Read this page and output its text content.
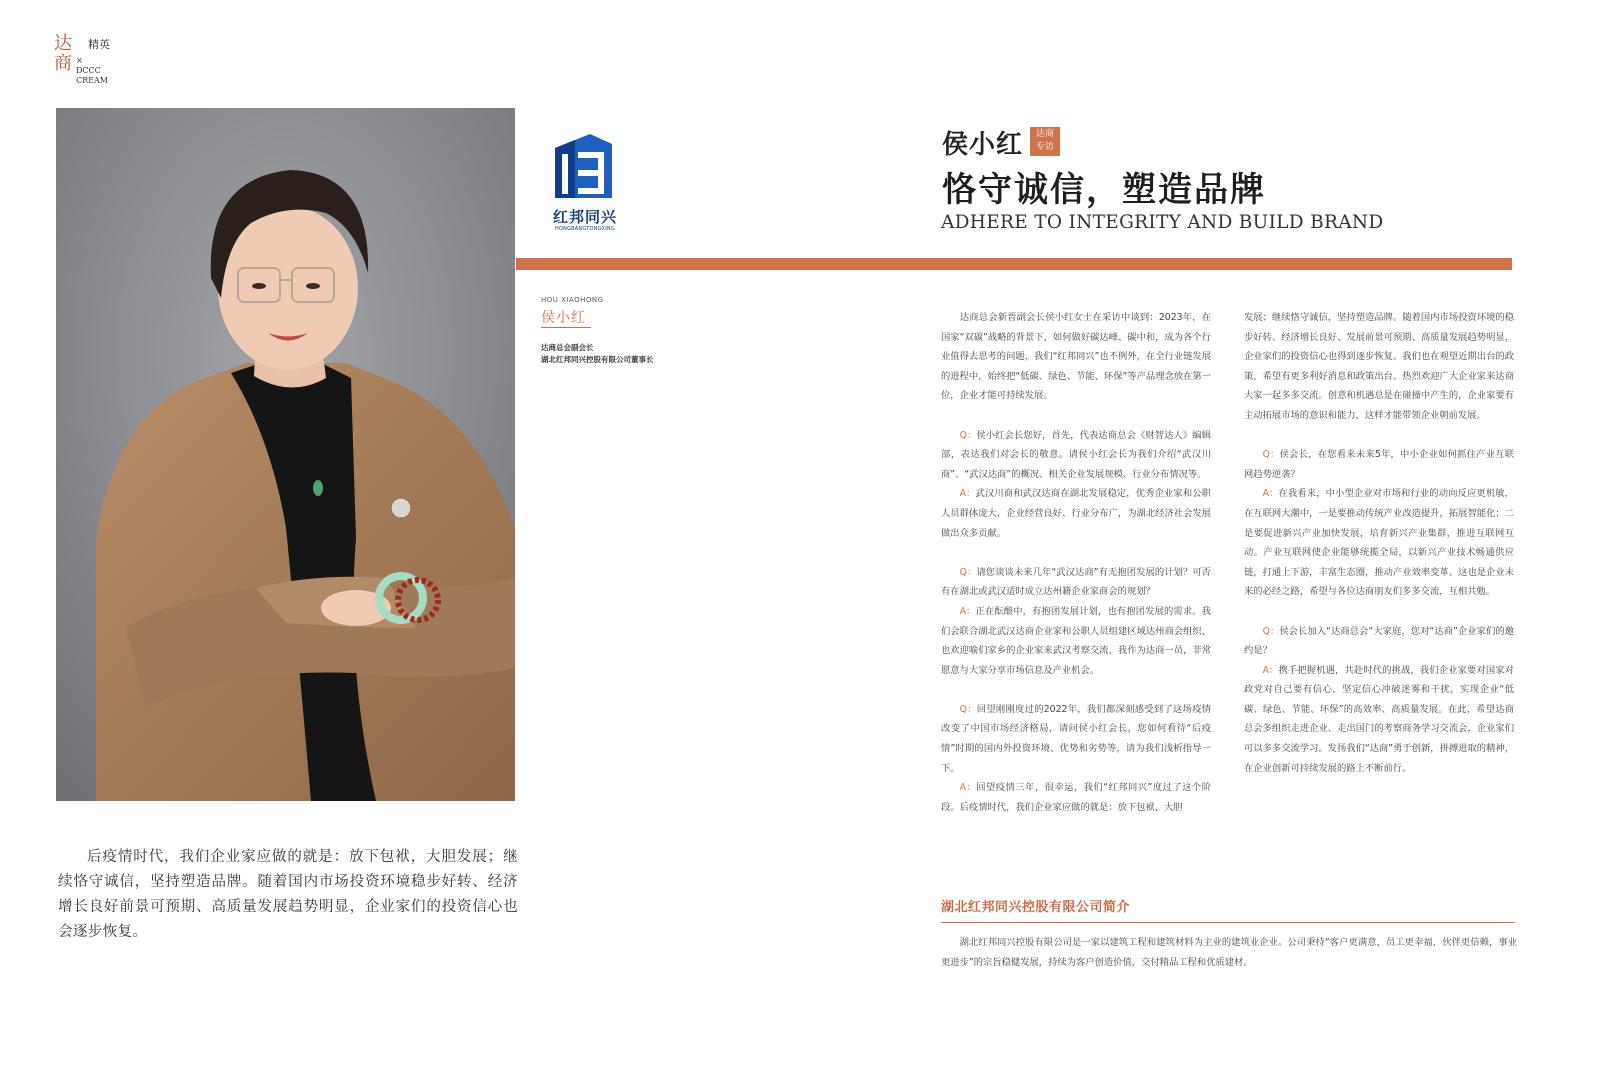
达商
精英
×
DCCC
CREAM
后疫情时代，我们企业家应做的就是：放下包袱，大胆发展；继续恪守诚信，坚持塑造品牌。随着国内市场投资环境稳步好转、经济增长良好前景可预期、高质量发展趋势明显，企业家们的投资信心也会逐步恢复。
红邦同兴
HONGBANGTONGXING
侯小红	达商
专访
恪守诚信，塑造品牌
ADHERE TO INTEGRITY AND BUILD BRAND
HOU XIAOHONG
侯小红
达商总会副会长
湖北红邦同兴控股有限公司董事长

达商总会新晋副会长侯小红女士在采访中谈到：2023年，在国家“双碳”战略的背景下，如何做好碳达峰、碳中和，成为各个行业值得去思考的问题，我们“红邦同兴”也不例外，在全行业链发展的进程中，始终把“低碳、绿色、节能、环保”等产品理念放在第一位，企业才能可持续发展。

Q：侯小红会长您好，首先，代表达商总会《财智达人》编辑部，表达我们对会长的敬意。请侯小红会长为我们介绍“武汉川商”、“武汉达商”的概况、相关企业发展规模、行业分布情况等。
A：武汉川商和武汉达商在湖北发展稳定，优秀企业家和公职人员群体庞大，企业经营良好、行业分布广，为湖北经济社会发展做出众多贡献。

Q：请您谈谈未来几年“武汉达商”有无抱团发展的计划？可否有在湖北或武汉适时成立达州籍企业家商会的规划？
A：正在酝酿中，有抱团发展计划，也有抱团发展的需求。我们会联合湖北武汉达商企业家和公职人员组建区域达州商会组织，也欢迎喻们家乡的企业家来武汉考察交流，我作为达商一员，非常愿意与大家分享市场信息及产业机会。

Q：回望刚刚度过的2022年，我们都深刻感受到了这场疫情改变了中国市场经济格局，请问侯小红会长，您如何看待“后疫情”时期的国内外投资环境、优势和劣势等，请为我们浅析指导一下。
A：回望疫情三年，很幸运，我们“红邦同兴”度过了这个阶段。后疫情时代，我们企业家应做的就是：放下包袱，大胆

发展；继续恪守诚信，坚持塑造品牌。随着国内市场投资环境的稳步好转、经济增长良好、发展前景可预期、高质量发展趋势明显，企业家们的投资信心也得到逐步恢复。我们也在观望近期出台的政策，希望有更多利好消息和政策出台。热烈欢迎广大企业家来达商大家一起多多交流。创意和机遇总是在碰撞中产生的，企业家要有主动拓展市场的意识和能力，这样才能带领企业朝前发展。

Q：侯会长，在您看来未来5年，中小企业如何抓住产业互联网趋势逆袭？
A：在我看来，中小型企业对市场和行业的动向反应更机敏，在互联网大潮中，一是要推动传统产业改造提升，拓展智能化；二是要促进新兴产业加快发展，培育新兴产业集群，推进互联网互动。产业互联网使企业能够统揽全局，以新兴产业技术畅通供应链，打通上下游，丰富生态圈，推动产业效率变革。这也是企业未来的必经之路，希望与各位达商朋友们多多交流，互相共勉。

Q：侯会长加入“达商总会”大家庭，您对“达商”企业家们的邀约是？
A：携手把握机遇，共赴时代的挑战，我们企业家要对国家对政党对自己要有信心，坚定信心冲破迷雾和干扰，实现企业“低碳、绿色、节能、环保”的高效率、高质量发展。在此，希望达商总会多组织走进企业、走出国门的考察商务学习交流会，企业家们可以多多交流学习。发扬我们“达商”勇于创新，拼搏进取的精神，在企业创新可持续发展的路上不断前行。

湖北红邦同兴控股有限公司简介
湖北红邦同兴控股有限公司是一家以建筑工程和建筑材料为主业的建筑业企业。公司秉持“客户更满意，员工更幸福，伙伴更信赖，事业更进步”的宗旨稳健发展，持续为客户创造价值，交付精品工程和优质建材。
